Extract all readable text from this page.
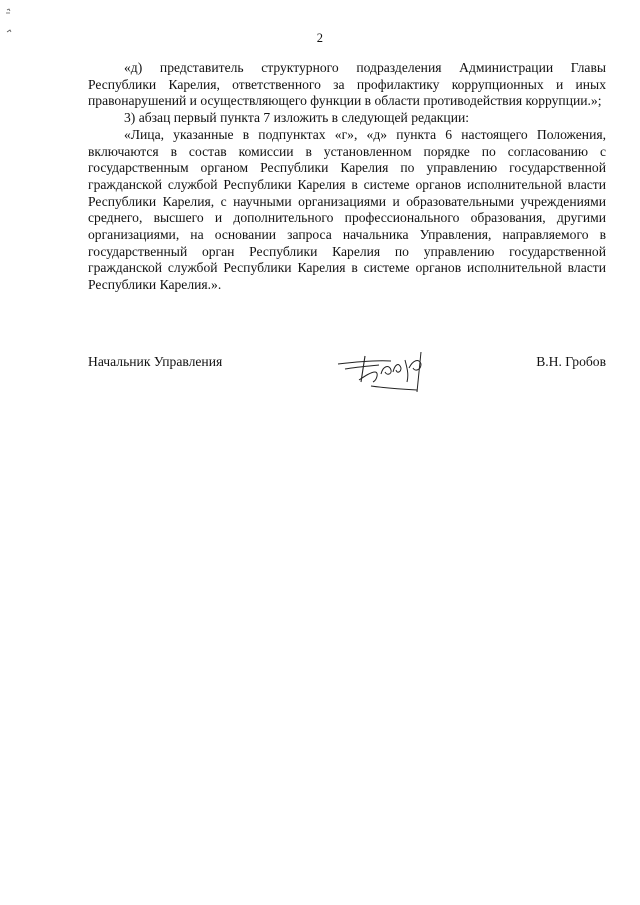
2

«д) представитель структурного подразделения Администрации Главы Республики Карелия, ответственного за профилактику коррупционных и иных правонарушений и осуществляющего функции в области противодействия коррупции.»;

3) абзац первый пункта 7 изложить в следующей редакции:

«Лица, указанные в подпунктах «г», «д» пункта 6 настоящего Положения, включаются в состав комиссии в установленном порядке по согласованию с государственным органом Республики Карелия по управлению государственной гражданской службой Республики Карелия в системе органов исполнительной власти Республики Карелия, с научными организациями и образовательными учреждениями среднего, высшего и дополнительного профессионального образования, другими организациями, на основании запроса начальника Управления, направляемого в государственный орган Республики Карелия по управлению государственной гражданской службой Республики Карелия в системе органов исполнительной власти Республики Карелия.».

Начальник Управления	В.Н. Гробов
